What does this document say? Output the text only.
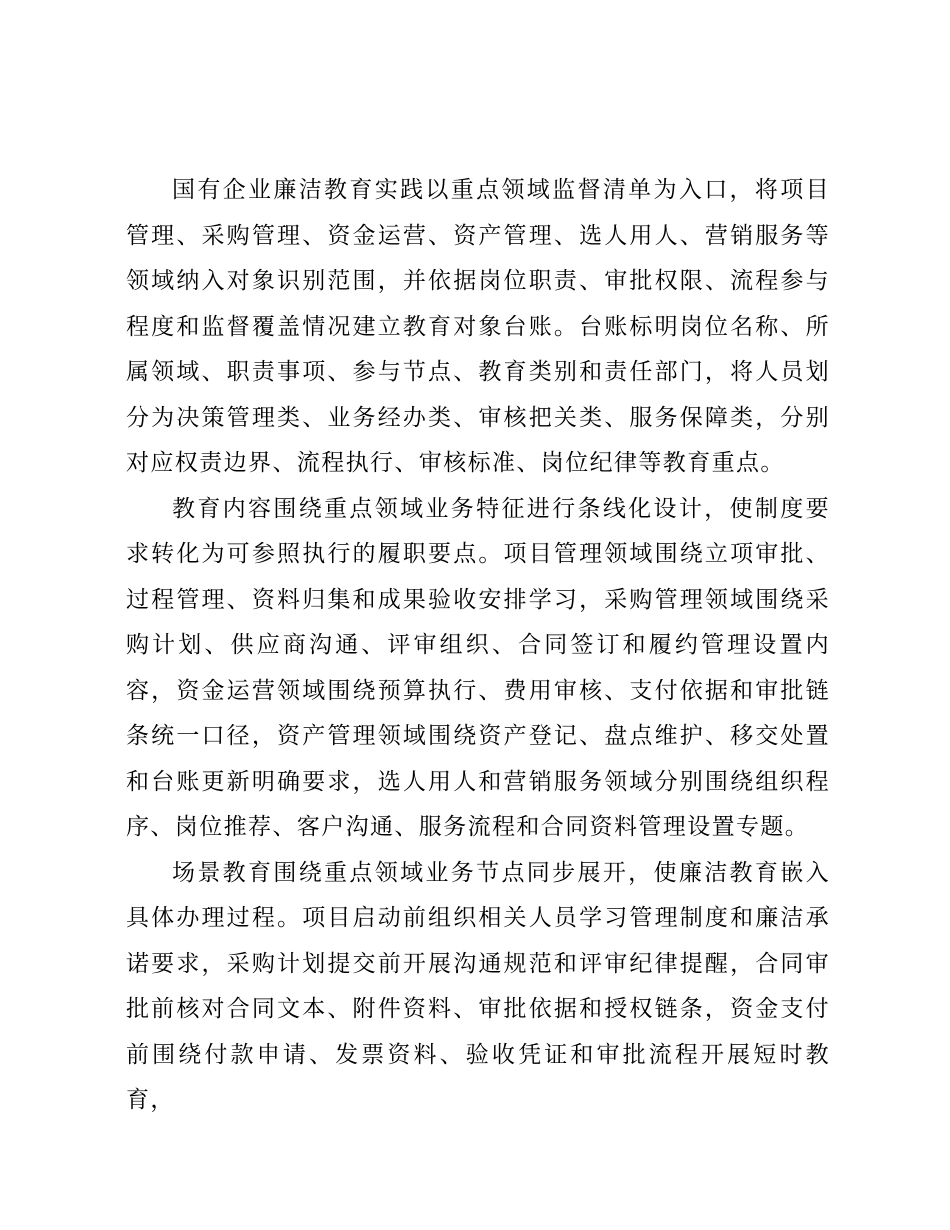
国有企业廉洁教育实践以重点领域监督清单为入口，将项目管理、采购管理、资金运营、资产管理、选人用人、营销服务等领域纳入对象识别范围，并依据岗位职责、审批权限、流程参与程度和监督覆盖情况建立教育对象台账。台账标明岗位名称、所属领域、职责事项、参与节点、教育类别和责任部门，将人员划分为决策管理类、业务经办类、审核把关类、服务保障类，分别对应权责边界、流程执行、审核标准、岗位纪律等教育重点。

教育内容围绕重点领域业务特征进行条线化设计，使制度要求转化为可参照执行的履职要点。项目管理领域围绕立项审批、过程管理、资料归集和成果验收安排学习，采购管理领域围绕采购计划、供应商沟通、评审组织、合同签订和履约管理设置内容，资金运营领域围绕预算执行、费用审核、支付依据和审批链条统一口径，资产管理领域围绕资产登记、盘点维护、移交处置和台账更新明确要求，选人用人和营销服务领域分别围绕组织程序、岗位推荐、客户沟通、服务流程和合同资料管理设置专题。

场景教育围绕重点领域业务节点同步展开，使廉洁教育嵌入具体办理过程。项目启动前组织相关人员学习管理制度和廉洁承诺要求，采购计划提交前开展沟通规范和评审纪律提醒，合同审批前核对合同文本、附件资料、审批依据和授权链条，资金支付前围绕付款申请、发票资料、验收凭证和审批流程开展短时教育，
